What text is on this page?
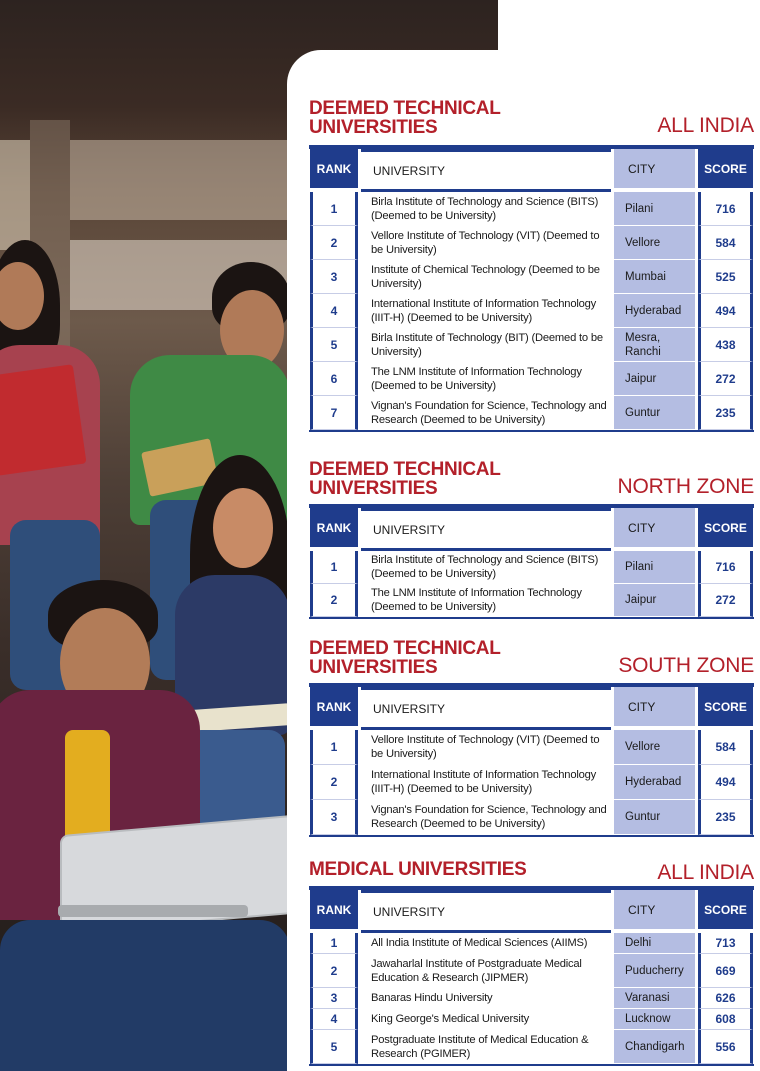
DEEMED TECHNICAL UNIVERSITIES	ALL INDIA
RANK	UNIVERSITY	CITY	SCORE
1	Birla Institute of Technology and Science (BITS) (Deemed to be University)	Pilani	716
2	Vellore Institute of Technology (VIT) (Deemed to be University)	Vellore	584
3	Institute of Chemical Technology (Deemed to be University)	Mumbai	525
4	International Institute of Information Technology (IIIT-H) (Deemed to be University)	Hyderabad	494
5	Birla Institute of Technology (BIT) (Deemed to be University)	Mesra, Ranchi	438
6	The LNM Institute of Information Technology (Deemed to be University)	Jaipur	272
7	Vignan's Foundation for Science, Technology and Research (Deemed to be University)	Guntur	235
DEEMED TECHNICAL UNIVERSITIES	NORTH ZONE
RANK	UNIVERSITY	CITY	SCORE
1	Birla Institute of Technology and Science (BITS) (Deemed to be University)	Pilani	716
2	The LNM Institute of Information Technology (Deemed to be University)	Jaipur	272
DEEMED TECHNICAL UNIVERSITIES	SOUTH ZONE
RANK	UNIVERSITY	CITY	SCORE
1	Vellore Institute of Technology (VIT) (Deemed to be University)	Vellore	584
2	International Institute of Information Technology (IIIT-H) (Deemed to be University)	Hyderabad	494
3	Vignan's Foundation for Science, Technology and Research (Deemed to be University)	Guntur	235
MEDICAL UNIVERSITIES	ALL INDIA
RANK	UNIVERSITY	CITY	SCORE
1	All India Institute of Medical Sciences (AIIMS)	Delhi	713
2	Jawaharlal Institute of Postgraduate Medical Education & Research (JIPMER)	Puducherry	669
3	Banaras Hindu University	Varanasi	626
4	King George's Medical University	Lucknow	608
5	Postgraduate Institute of Medical Education & Research (PGIMER)	Chandigarh	556
